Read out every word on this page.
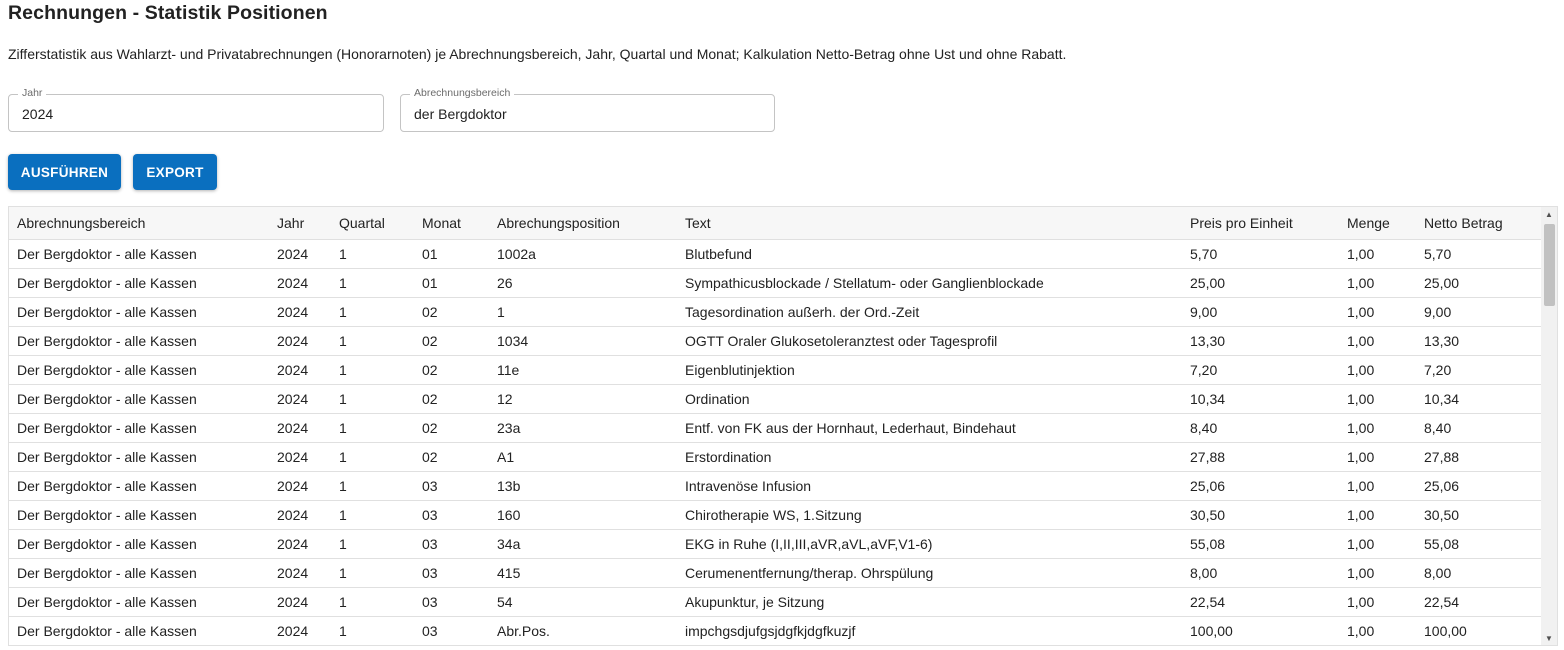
Rechnungen - Statistik Positionen
Zifferstatistik aus Wahlarzt- und Privatabrechnungen (Honorarnoten) je Abrechnungsbereich, Jahr, Quartal und Monat; Kalkulation Netto-Betrag ohne Ust und ohne Rabatt.
Jahr
2024
Abrechnungsbereich
der Bergdoktor
AUSFÜHREN	EXPORT
Abrechnungsbereich	Jahr	Quartal	Monat	Abrechungsposition	Text	Preis pro Einheit	Menge	Netto Betrag
Der Bergdoktor - alle Kassen	2024	1	01	1002a	Blutbefund	5,70	1,00	5,70
Der Bergdoktor - alle Kassen	2024	1	01	26	Sympathicusblockade / Stellatum- oder Ganglienblockade	25,00	1,00	25,00
Der Bergdoktor - alle Kassen	2024	1	02	1	Tagesordination außerh. der Ord.-Zeit	9,00	1,00	9,00
Der Bergdoktor - alle Kassen	2024	1	02	1034	OGTT Oraler Glukosetoleranztest oder Tagesprofil	13,30	1,00	13,30
Der Bergdoktor - alle Kassen	2024	1	02	11e	Eigenblutinjektion	7,20	1,00	7,20
Der Bergdoktor - alle Kassen	2024	1	02	12	Ordination	10,34	1,00	10,34
Der Bergdoktor - alle Kassen	2024	1	02	23a	Entf. von FK aus der Hornhaut, Lederhaut, Bindehaut	8,40	1,00	8,40
Der Bergdoktor - alle Kassen	2024	1	02	A1	Erstordination	27,88	1,00	27,88
Der Bergdoktor - alle Kassen	2024	1	03	13b	Intravenöse Infusion	25,06	1,00	25,06
Der Bergdoktor - alle Kassen	2024	1	03	160	Chirotherapie WS, 1.Sitzung	30,50	1,00	30,50
Der Bergdoktor - alle Kassen	2024	1	03	34a	EKG in Ruhe (I,II,III,aVR,aVL,aVF,V1-6)	55,08	1,00	55,08
Der Bergdoktor - alle Kassen	2024	1	03	415	Cerumenentfernung/therap. Ohrspülung	8,00	1,00	8,00
Der Bergdoktor - alle Kassen	2024	1	03	54	Akupunktur, je Sitzung	22,54	1,00	22,54
Der Bergdoktor - alle Kassen	2024	1	03	Abr.Pos.	impchgsdjufgsjdgfkjdgfkuzjf	100,00	1,00	100,00
▲
▼
